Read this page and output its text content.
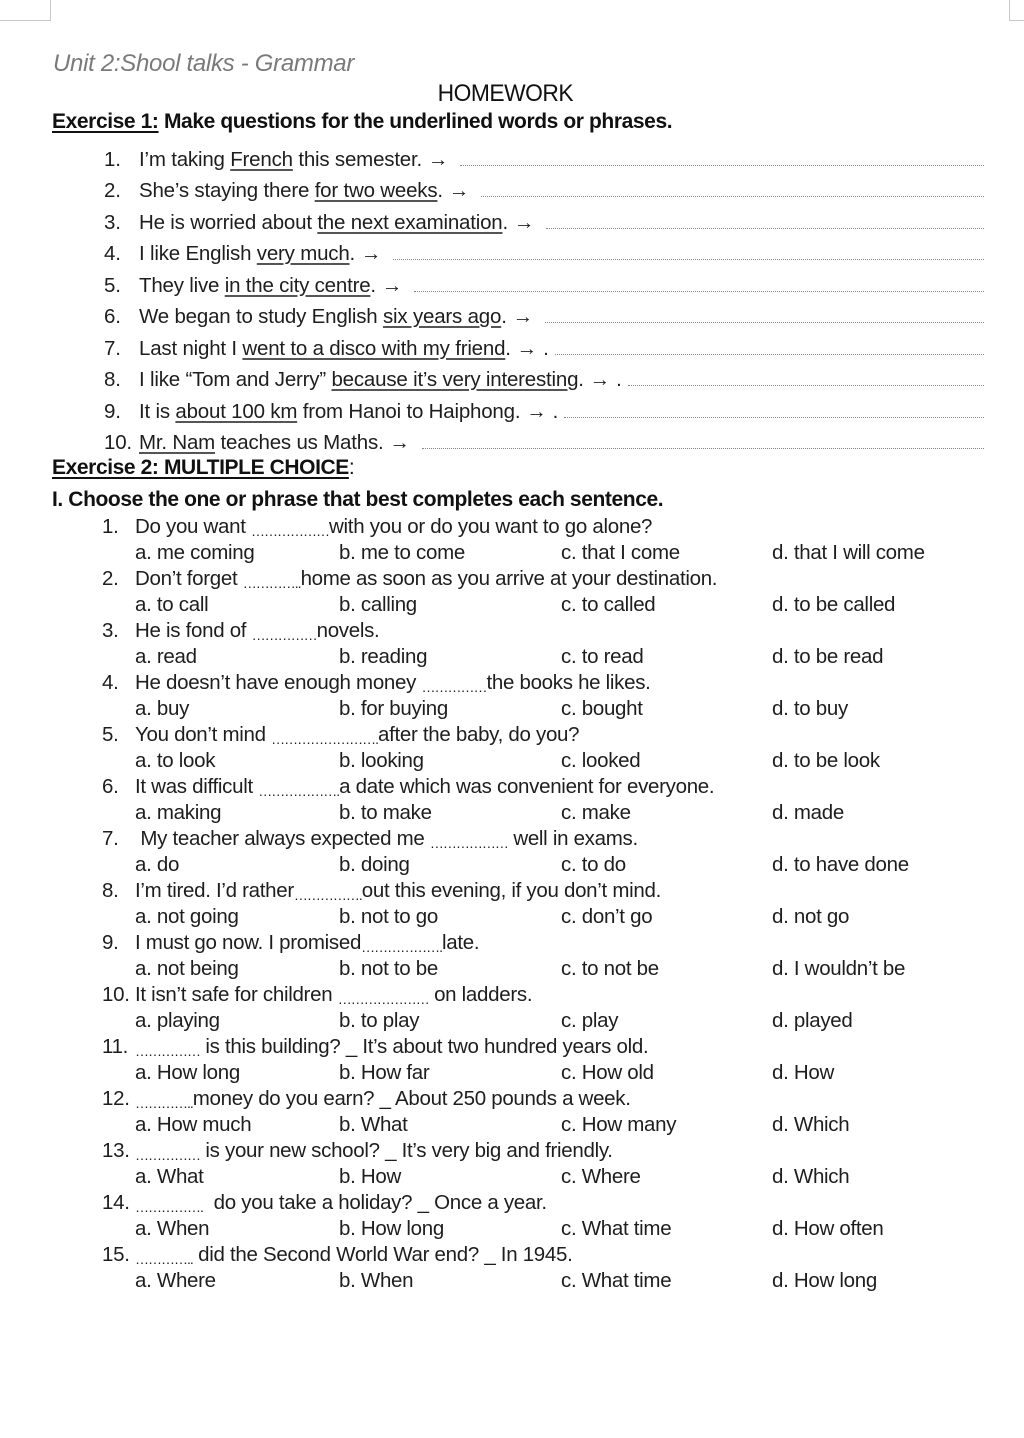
Unit 2:Shool talks - Grammar
HOMEWORK
Exercise 1: Make questions for the underlined words or phrases.
1. I’m taking French this semester. →
2. She’s staying there for two weeks . →
3. He is worried about the next examination . →
4. I like English very much . →
5. They live in the city centre . →
6. We began to study English six years ago . →
7. Last night I went to a disco with my friend . → .
8. I like “Tom and Jerry” because it’s very interesting . → .
9. It is about 100 km from Hanoi to Haiphong. → .
10. Mr. Nam teaches us Maths. →
Exercise 2: MULTIPLE CHOICE:
I. Choose the one or phrase that best completes each sentence.
1. Do you want ……………… with you or do you want to go alone?
a. me coming	b. me to come	c. that I come	d. that I will come
2. Don’t forget ………….. home as soon as you arrive at your destination.
a. to call	b. calling	c. to called	d. to be called
3. He is fond of …………… novels.
a. read	b. reading	c. to read	d. to be read
4. He doesn’t have enough money …………… the books he likes.
a. buy	b. for buying	c. bought	d. to buy
5. You don’t mind ……………………. after the baby, do you?
a. to look	b. looking	c. looked	d. to be look
6. It was difficult ………………. a date which was convenient for everyone.
a. making	b. to make	c. make	d. made
7. My teacher always expected me ……………… well in exams.
a. do	b. doing	c. to do	d. to have done
8. I’m tired. I’d rather ……………. out this evening, if you don’t mind.
a. not going	b. not to go	c. don’t go	d. not go
9. I must go now. I promised ………………. late.
a. not being	b. not to be	c. to not be	d. I wouldn’t be
10. It isn’t safe for children ………………… on ladders.
a. playing	b. to play	c. play	d. played
11. …………… is this building? _ It’s about two hundred years old.
a. How long	b. How far	c. How old	d. How
12. ………….. money do you earn? _ About 250 pounds a week.
a. How much	b. What	c. How many	d. Which
13. …………… is your new school? _ It’s very big and friendly.
a. What	b. How	c. Where	d. Which
14. ……………. do you take a holiday? _ Once a year.
a. When	b. How long	c. What time	d. How often
15. ………….. did the Second World War end? _ In 1945.
a. Where	b. When	c. What time	d. How long
